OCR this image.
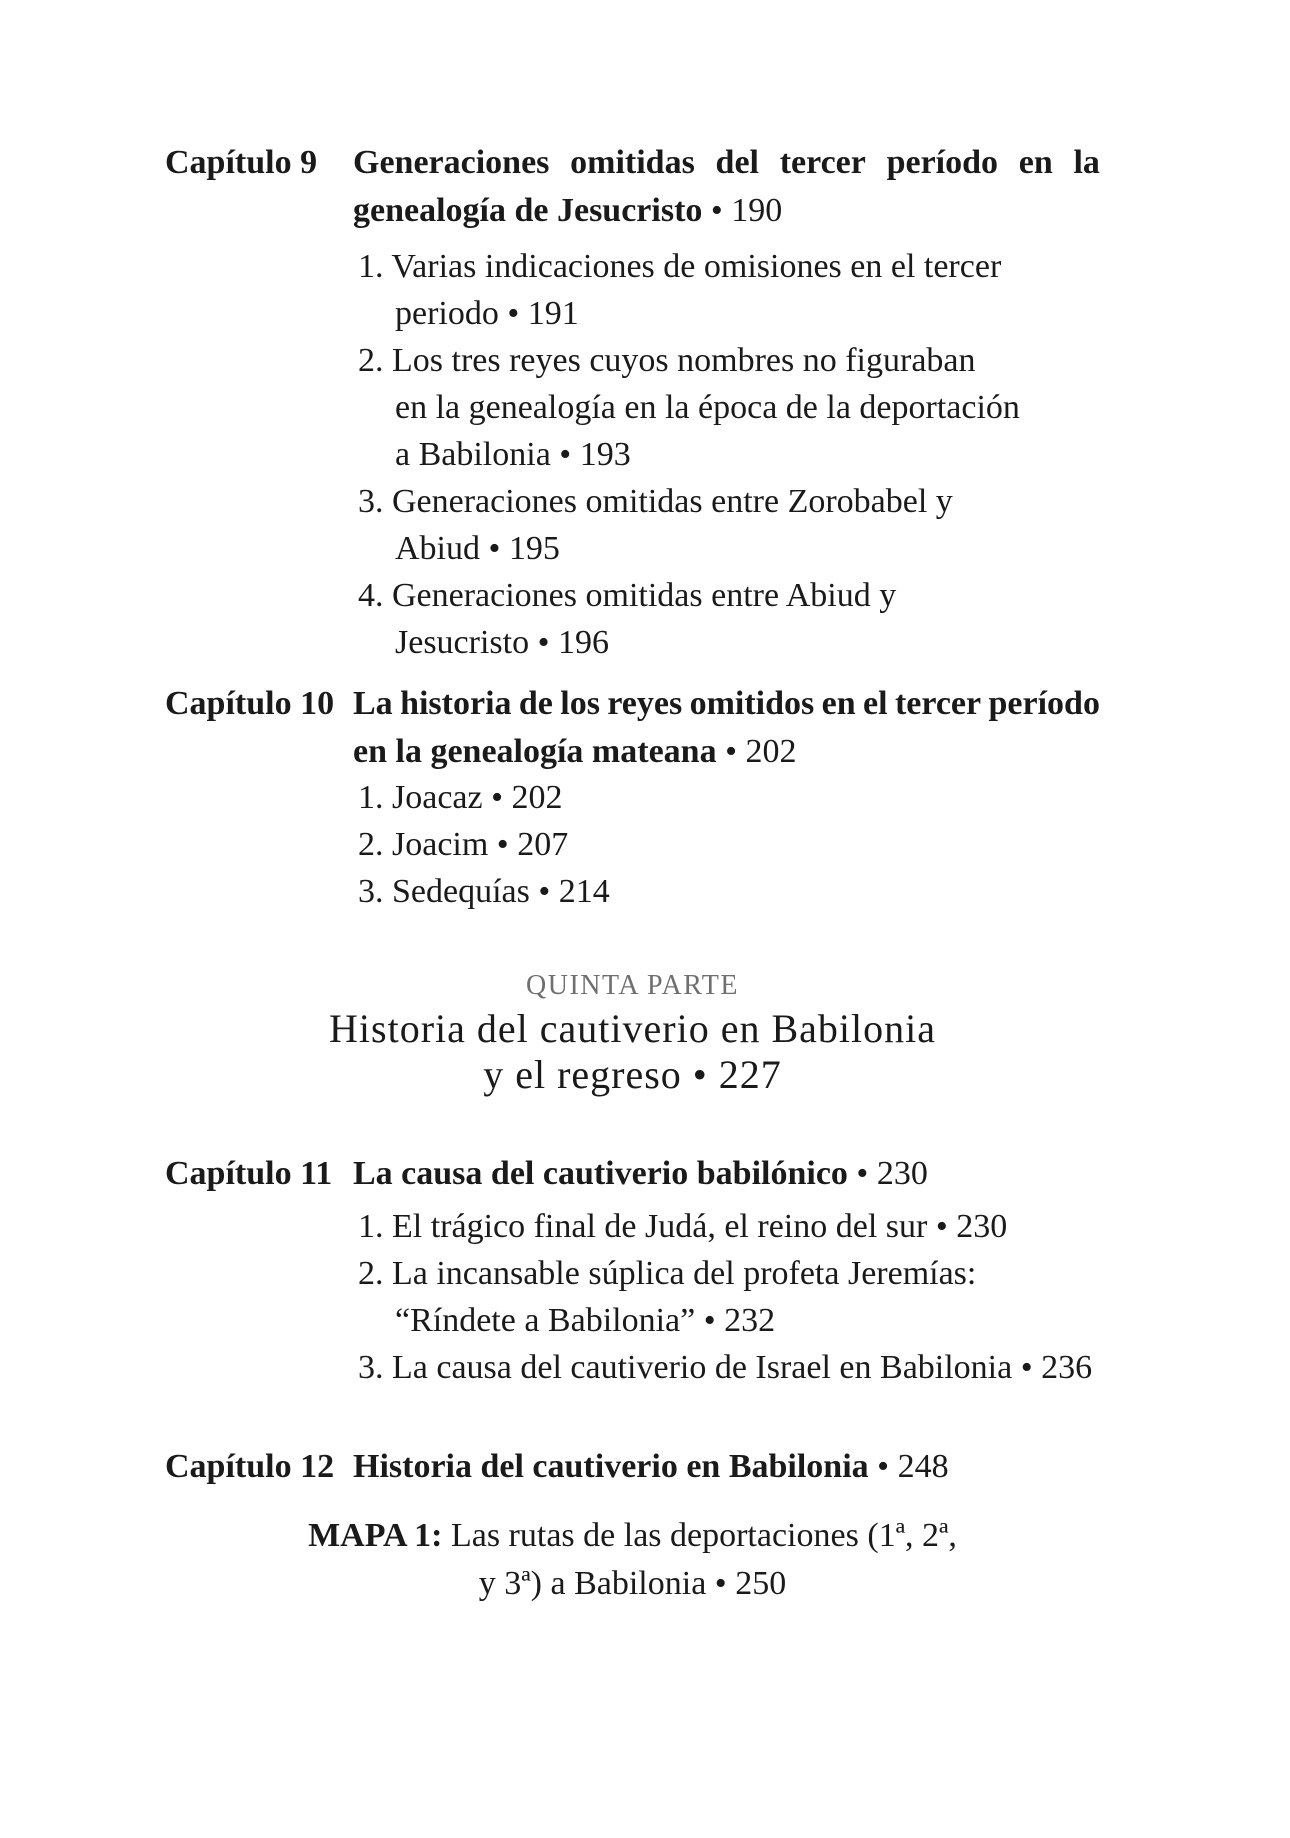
Capítulo 9 Generaciones omitidas del tercer período en la
genealogía de Jesucristo • 190
1. Varias indicaciones de omisiones en el tercer
periodo • 191
2. Los tres reyes cuyos nombres no figuraban
en la genealogía en la época de la deportación
a Babilonia • 193
3. Generaciones omitidas entre Zorobabel y
Abiud • 195
4. Generaciones omitidas entre Abiud y
Jesucristo • 196
Capítulo 10 La historia de los reyes omitidos en el tercer período
en la genealogía mateana • 202
1. Joacaz • 202
2. Joacim • 207
3. Sedequías • 214
QUINTA PARTE
Historia del cautiverio en Babilonia
y el regreso • 227
Capítulo 11 La causa del cautiverio babilónico • 230
1. El trágico final de Judá, el reino del sur • 230
2. La incansable súplica del profeta Jeremías:
“Ríndete a Babilonia” • 232
3. La causa del cautiverio de Israel en Babilonia • 236
Capítulo 12 Historia del cautiverio en Babilonia • 248
MAPA 1: Las rutas de las deportaciones (1ª, 2ª,
y 3ª) a Babilonia • 250
